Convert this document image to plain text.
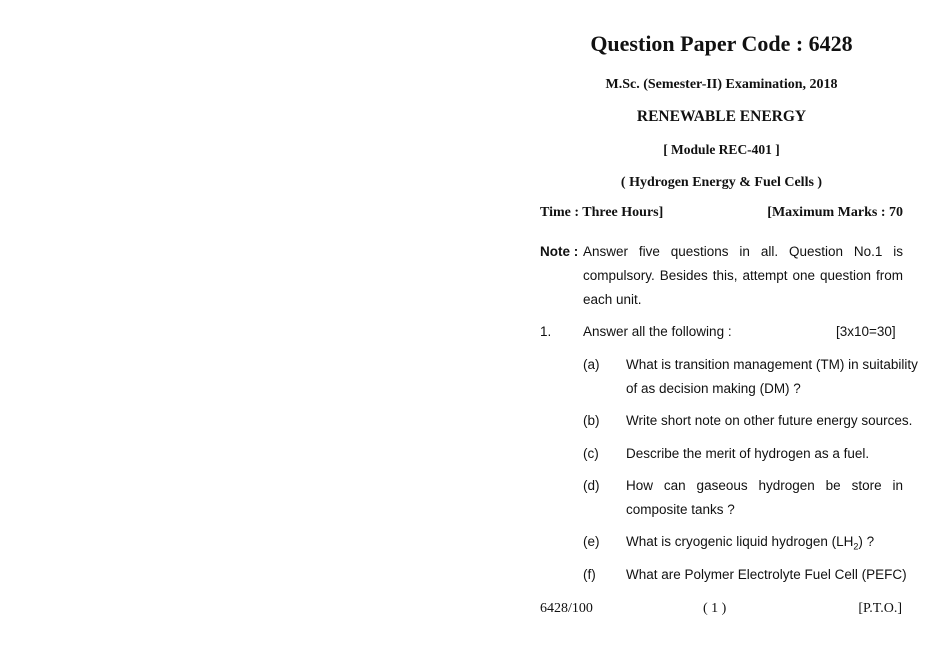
Question Paper Code : 6428
M.Sc. (Semester-II) Examination, 2018
RENEWABLE ENERGY
[ Module REC-401 ]
( Hydrogen Energy & Fuel Cells )
Time : Three Hours]	[Maximum Marks : 70
Note : Answer five questions in all. Question No.1 is
compulsory. Besides this, attempt one question from
each unit.
1. Answer all the following :	[3x10=30]
(a) What is transition management (TM) in suitability
of as decision making (DM) ?
(b) Write short note on other future energy sources.
(c) Describe the merit of hydrogen as a fuel.
(d) How can gaseous hydrogen be store in
composite tanks ?
(e) What is cryogenic liquid hydrogen $(LH_2)$ ?
(f) What are Polymer Electrolyte Fuel Cell (PEFC)
6428/100	( 1 )	[P.T.O.]
